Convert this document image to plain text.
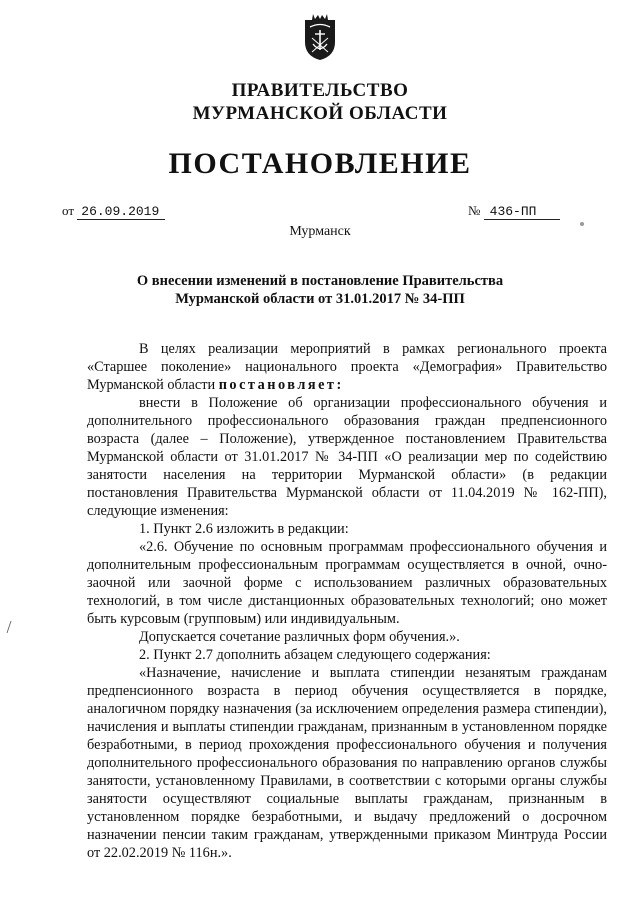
ПРАВИТЕЛЬСТВО
МУРМАНСКОЙ ОБЛАСТИ
ПОСТАНОВЛЕНИЕ
от 26.09.2019	№ 436-ПП
Мурманск
О внесении изменений в постановление Правительства
Мурманской области от 31.01.2017 № 34-ПП

В целях реализации мероприятий в рамках регионального проекта «Старшее поколение» национального проекта «Демография» Правительство Мурманской области постановляет:

внести в Положение об организации профессионального обучения и дополнительного профессионального образования граждан предпенсионного возраста (далее – Положение), утвержденное постановлением Правительства Мурманской области от 31.01.2017 № 34-ПП «О реализации мер по содействию занятости населения на территории Мурманской области» (в редакции постановления Правительства Мурманской области от 11.04.2019 № 162-ПП), следующие изменения:

1. Пункт 2.6 изложить в редакции:

«2.6. Обучение по основным программам профессионального обучения и дополнительным профессиональным программам осуществляется в очной, очно-заочной или заочной форме с использованием различных образовательных технологий, в том числе дистанционных образовательных технологий; оно может быть курсовым (групповым) или индивидуальным.

Допускается сочетание различных форм обучения.».

2. Пункт 2.7 дополнить абзацем следующего содержания:

«Назначение, начисление и выплата стипендии незанятым гражданам предпенсионного возраста в период обучения осуществляется в порядке, аналогичном порядку назначения (за исключением определения размера стипендии), начисления и выплаты стипендии гражданам, признанным в установленном порядке безработными, в период прохождения профессионального обучения и получения дополнительного профессионального образования по направлению органов службы занятости, установленному Правилами, в соответствии с которыми органы службы занятости осуществляют социальные выплаты гражданам, признанным в установленном порядке безработными, и выдачу предложений о досрочном назначении пенсии таким гражданам, утвержденными приказом Минтруда России от 22.02.2019 № 116н.».
